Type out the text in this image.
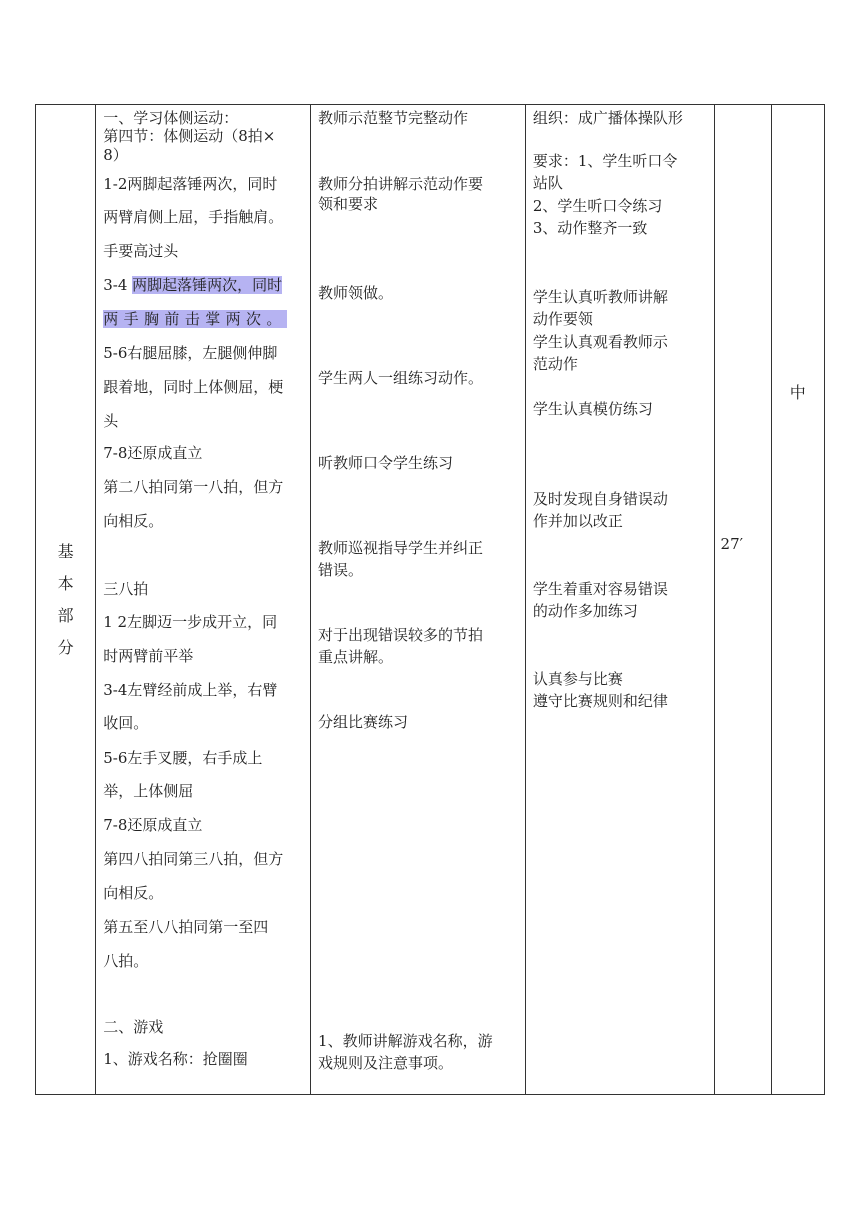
基
本
部
分

一、学习体侧运动：
第四节：体侧运动（8拍×
8）
1-2两脚起落锤两次，同时
两臂肩侧上屈，手指触肩。
手要高过头
3-4 两脚起落锤两次，同时
两手胸前击掌两次。
5-6右腿屈膝，左腿侧伸脚
跟着地，同时上体侧屈，梗
头
7-8还原成直立
第二八拍同第一八拍，但方
向相反。
三八拍
1 2左脚迈一步成开立，同
时两臂前平举
3-4左臂经前成上举，右臂
收回。
5-6左手叉腰，右手成上
举，上体侧屈
7-8还原成直立
第四八拍同第三八拍，但方
向相反。
第五至八八拍同第一至四
八拍。
二、游戏
1、游戏名称：抢圈圈

教师示范整节完整动作
教师分拍讲解示范动作要
领和要求
教师领做。
学生两人一组练习动作。
听教师口令学生练习
教师巡视指导学生并纠正
错误。
对于出现错误较多的节拍
重点讲解。
分组比赛练习
1、教师讲解游戏名称，游
戏规则及注意事项。

组织：成广播体操队形
要求：1、学生听口令
站队
2、学生听口令练习
3、动作整齐一致
学生认真听教师讲解
动作要领
学生认真观看教师示
范动作
学生认真模仿练习
及时发现自身错误动
作并加以改正
学生着重对容易错误
的动作多加练习
认真参与比赛
遵守比赛规则和纪律

27′

中
